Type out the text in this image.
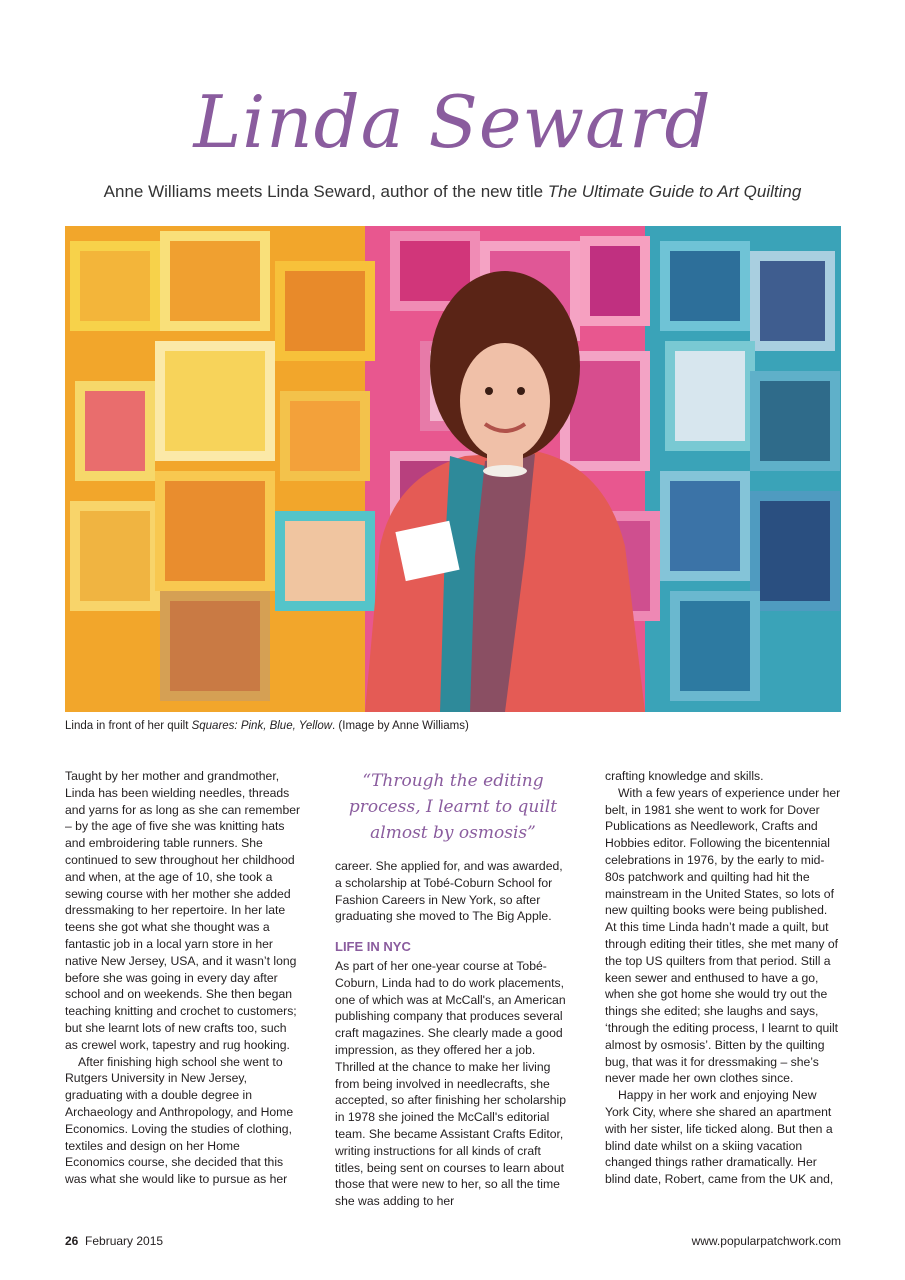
Linda Seward
Anne Williams meets Linda Seward, author of the new title The Ultimate Guide to Art Quilting
Linda in front of her quilt Squares: Pink, Blue, Yellow. (Image by Anne Williams)

Taught by her mother and grandmother, Linda has been wielding needles, threads and yarns for as long as she can remember – by the age of five she was knitting hats and embroidering table runners. She continued to sew throughout her childhood and when, at the age of 10, she took a sewing course with her mother she added dressmaking to her repertoire. In her late teens she got what she thought was a fantastic job in a local yarn store in her native New Jersey, USA, and it wasn’t long before she was going in every day after school and on weekends. She then began teaching knitting and crochet to customers; but she learnt lots of new crafts too, such as crewel work, tapestry and rug hooking.

After finishing high school she went to Rutgers University in New Jersey, graduating with a double degree in Archaeology and Anthropology, and Home Economics. Loving the studies of clothing, textiles and design on her Home Economics course, she decided that this was what she would like to pursue as her

“Through the editing process, I learnt to quilt almost by osmosis”

career. She applied for, and was awarded, a scholarship at Tobé-Coburn School for Fashion Careers in New York, so after graduating she moved to The Big Apple.

LIFE IN NYC

As part of her one-year course at Tobé-Coburn, Linda had to do work placements, one of which was at McCall's, an American publishing company that produces several craft magazines. She clearly made a good impression, as they offered her a job. Thrilled at the chance to make her living from being involved in needlecrafts, she accepted, so after finishing her scholarship in 1978 she joined the McCall's editorial team. She became Assistant Crafts Editor, writing instructions for all kinds of craft titles, being sent on courses to learn about those that were new to her, so all the time she was adding to her

crafting knowledge and skills.

With a few years of experience under her belt, in 1981 she went to work for Dover Publications as Needlework, Crafts and Hobbies editor. Following the bicentennial celebrations in 1976, by the early to mid-80s patchwork and quilting had hit the mainstream in the United States, so lots of new quilting books were being published. At this time Linda hadn’t made a quilt, but through editing their titles, she met many of the top US quilters from that period. Still a keen sewer and enthused to have a go, when she got home she would try out the things she edited; she laughs and says, ‘through the editing process, I learnt to quilt almost by osmosis’. Bitten by the quilting bug, that was it for dressmaking – she’s never made her own clothes since.

Happy in her work and enjoying New York City, where she shared an apartment with her sister, life ticked along. But then a blind date whilst on a skiing vacation changed things rather dramatically. Her blind date, Robert, came from the UK and,

26 February 2015	www.popularpatchwork.com
